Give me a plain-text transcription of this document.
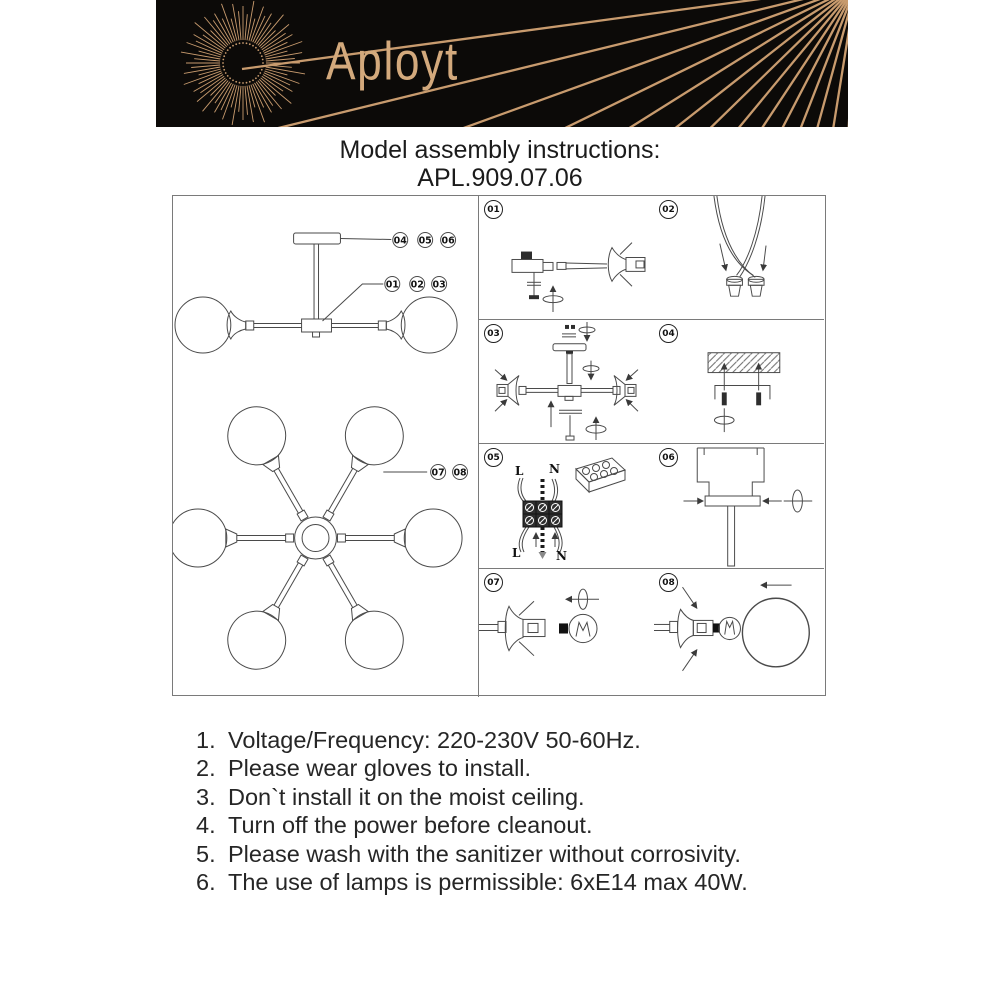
Aployt
Model assembly instructions:
APL.909.07.06
04 05 06
01 02 03
07 08
01	02
03	04
05
L N
L	N
06
07	08
1. Voltage/Frequency: 220-230V 50-60Hz.
2. Please wear gloves to install.
3. Don`t install it on the moist ceiling.
4. Turn off the power before cleanout.
5. Please wash with the sanitizer without corrosivity.
6. The use of lamps is permissible: 6xE14 max 40W.
